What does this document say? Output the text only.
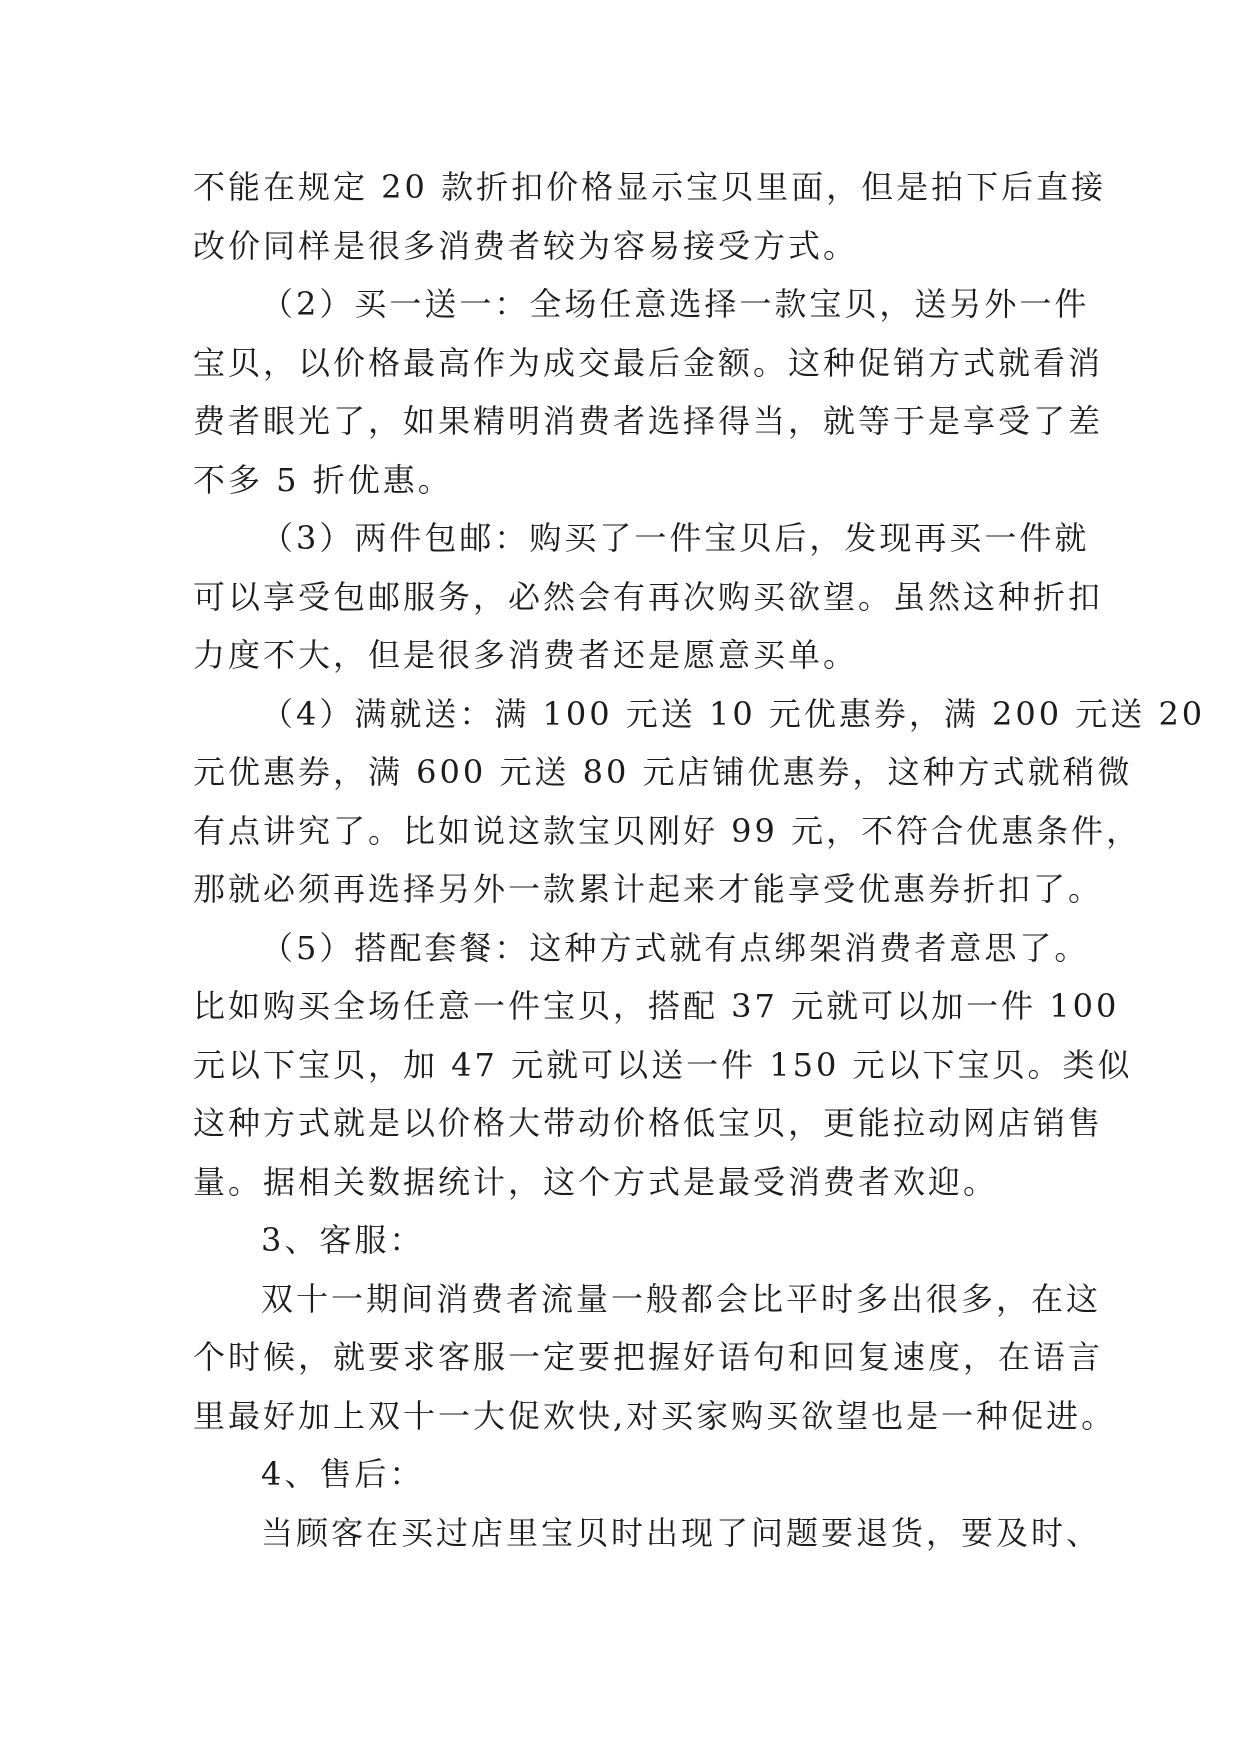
不能在规定 20 款折扣价格显示宝贝里面，但是拍下后直接
改价同样是很多消费者较为容易接受方式。
（2）买一送一：全场任意选择一款宝贝，送另外一件
宝贝，以价格最高作为成交最后金额。这种促销方式就看消
费者眼光了，如果精明消费者选择得当，就等于是享受了差
不多 5 折优惠。
（3）两件包邮：购买了一件宝贝后，发现再买一件就
可以享受包邮服务，必然会有再次购买欲望。虽然这种折扣
力度不大，但是很多消费者还是愿意买单。
（4）满就送：满 100 元送 10 元优惠券，满 200 元送 20
元优惠券，满 600 元送 80 元店铺优惠券，这种方式就稍微
有点讲究了。比如说这款宝贝刚好 99 元，不符合优惠条件，
那就必须再选择另外一款累计起来才能享受优惠券折扣了。
（5）搭配套餐：这种方式就有点绑架消费者意思了。
比如购买全场任意一件宝贝，搭配 37 元就可以加一件 100
元以下宝贝，加 47 元就可以送一件 150 元以下宝贝。类似
这种方式就是以价格大带动价格低宝贝，更能拉动网店销售
量。据相关数据统计，这个方式是最受消费者欢迎。
3、客服：
双十一期间消费者流量一般都会比平时多出很多，在这
个时候，就要求客服一定要把握好语句和回复速度，在语言
里最好加上双十一大促欢快,对买家购买欲望也是一种促进。
4、售后：
当顾客在买过店里宝贝时出现了问题要退货，要及时、
